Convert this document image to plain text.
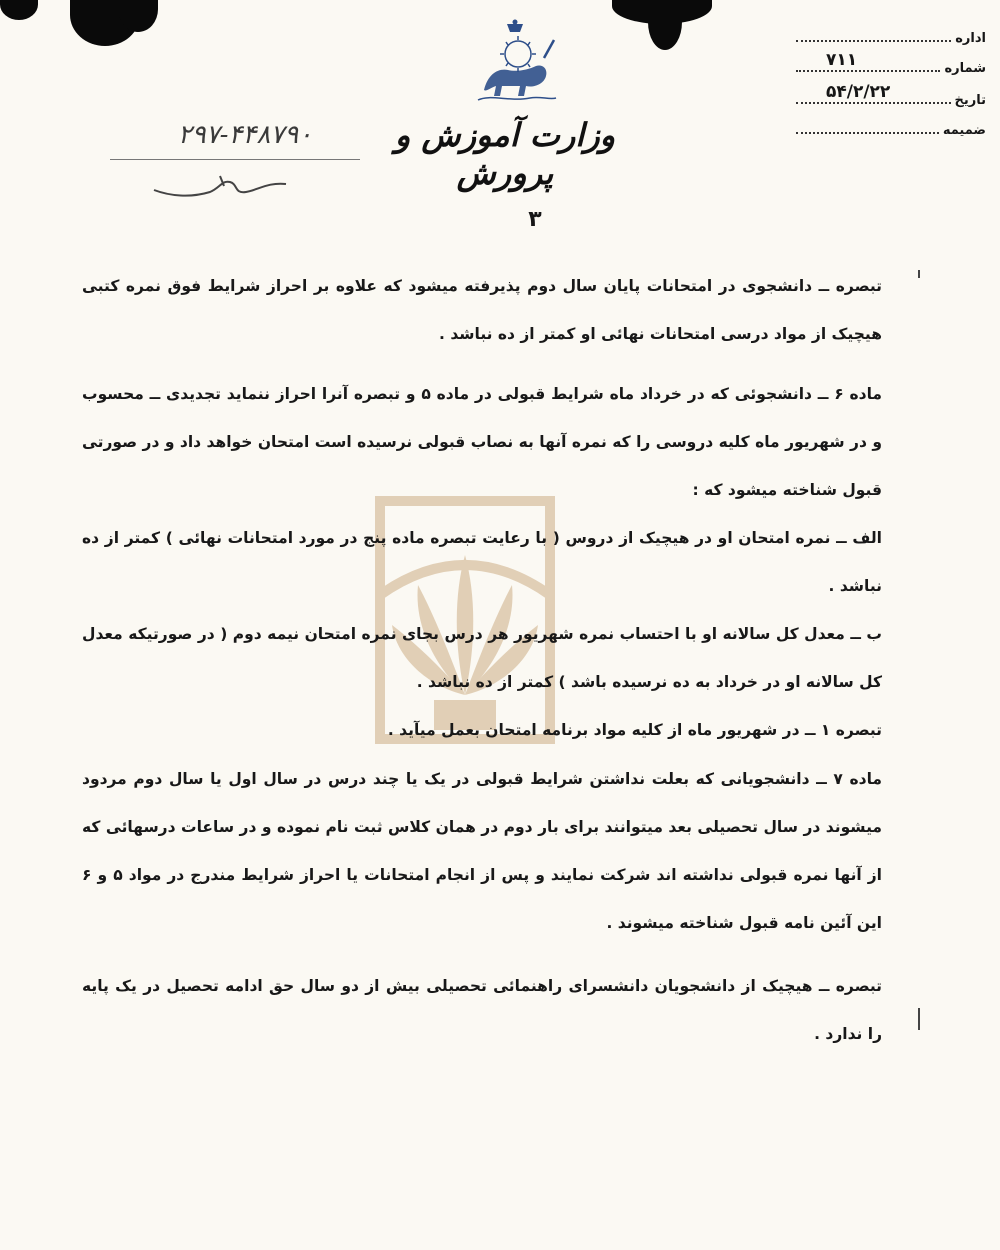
اداره
شماره
۷۱۱
تاریخ
۵۴/۲/۲۲
ضمیمه
وزارت آموزش و پرورش
۲۹۷-۴۴۸۷۹۰
۳
تبصره ــ دانشجوی در امتحانات پایان سال دوم پذیرفته میشود که علاوه بر احراز شرایط فوق نمره کتبی هیچیک از مواد درسی امتحانات نهائی او کمتر از ده نباشد .
ماده ۶ ــ دانشجوئی که در خرداد ماه شرایط قبولی در ماده ۵ و تبصره آنرا احراز ننماید تجدیدی ــ محسوب و در شهریور ماه کلیه دروسی را که نمره آنها به نصاب قبولی نرسیده است امتحان خواهد داد و در صورتی قبول شناخته میشود که :
الف ــ نمره امتحان او در هیچیک از دروس ( با رعایت تبصره ماده پنج در مورد امتحانات نهائی ) کمتر از ده نباشد .
ب ــ معدل کل سالانه او با احتساب نمره شهریور هر درس بجای نمره امتحان نیمه دوم ( در صورتیکه معدل کل سالانه او در خرداد به ده نرسیده باشد ) کمتر از ده نباشد .
تبصره ۱ ــ در شهریور ماه از کلیه مواد برنامه امتحان بعمل میآید .
ماده ۷ ــ دانشجویانی که بعلت نداشتن شرایط قبولی در یک یا چند درس در سال اول یا سال دوم مردود میشوند در سال تحصیلی بعد میتوانند برای بار دوم در همان کلاس ثبت نام نموده و در ساعات درسهائی که از آنها نمره قبولی نداشته اند شرکت نمایند و پس از انجام امتحانات یا احراز شرایط مندرج در مواد ۵ و ۶ این آئین نامه قبول شناخته میشوند .
تبصره ــ هیچیک از دانشجویان دانشسرای راهنمائی تحصیلی بیش از دو سال حق ادامه تحصیل در یک پایه را ندارد .
